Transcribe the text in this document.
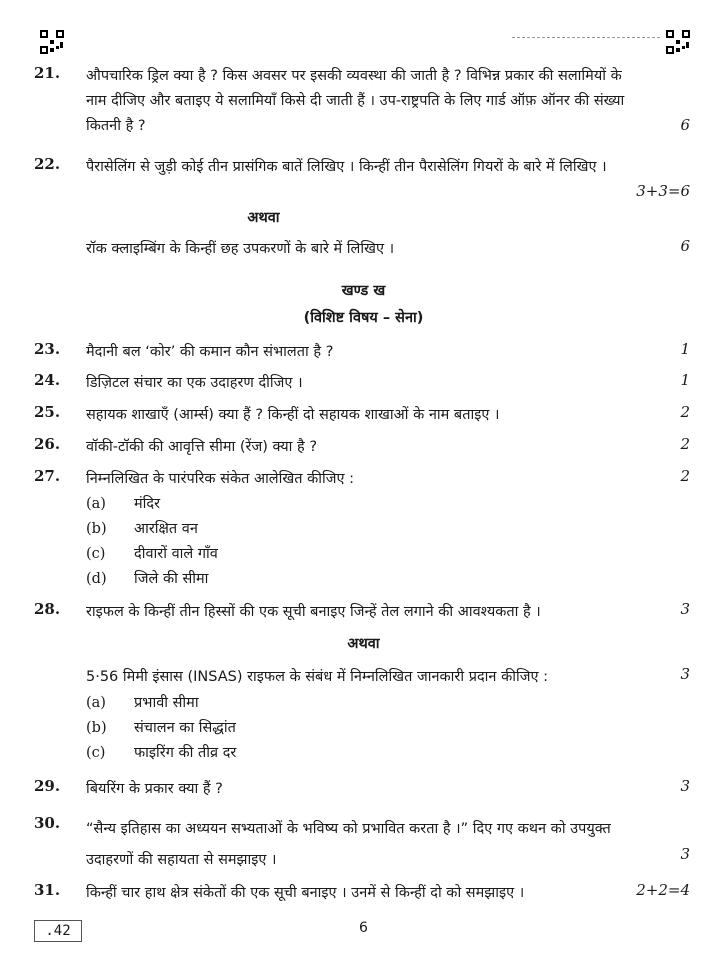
21. औपचारिक ड्रिल क्या है ? किस अवसर पर इसकी व्यवस्था की जाती है ? विभिन्न प्रकार की सलामियों के नाम दीजिए और बताइए ये सलामियाँ किसे दी जाती हैं । उप-राष्ट्रपति के लिए गार्ड ऑफ़ ऑनर की संख्या कितनी है ?	6
22. पैरासेलिंग से जुड़ी कोई तीन प्रासंगिक बातें लिखिए । किन्हीं तीन पैरासेलिंग गियरों के बारे में लिखिए ।
3+3=6
अथवा
रॉक क्लाइम्बिंग के किन्हीं छह उपकरणों के बारे में लिखिए ।	6
खण्ड ख
(विशिष्ट विषय – सेना)
23. मैदानी बल ‘कोर’ की कमान कौन संभालता है ?	1
24. डिज़िटल संचार का एक उदाहरण दीजिए ।	1
25. सहायक शाखाएँ (आर्म्स) क्या हैं ? किन्हीं दो सहायक शाखाओं के नाम बताइए ।	2
26. वॉकी-टॉकी की आवृत्ति सीमा (रेंज) क्या है ?	2
27. निम्नलिखित के पारंपरिक संकेत आलेखित कीजिए :	2
(a) मंदिर
(b) आरक्षित वन
(c) दीवारों वाले गाँव
(d) जिले की सीमा
28. राइफल के किन्हीं तीन हिस्सों की एक सूची बनाइए जिन्हें तेल लगाने की आवश्यकता है ।	3
अथवा
5·56 मिमी इंसास (INSAS) राइफल के संबंध में निम्नलिखित जानकारी प्रदान कीजिए :	3
(a) प्रभावी सीमा
(b) संचालन का सिद्धांत
(c) फाइरिंग की तीव्र दर
29. बियरिंग के प्रकार क्या हैं ?	3
30. “सैन्य इतिहास का अध्ययन सभ्यताओं के भविष्य को प्रभावित करता है ।” दिए गए कथन को उपयुक्त उदाहरणों की सहायता से समझाइए ।	3
31. किन्हीं चार हाथ क्षेत्र संकेतों की एक सूची बनाइए । उनमें से किन्हीं दो को समझाइए ।	2+2=4
.42	6
